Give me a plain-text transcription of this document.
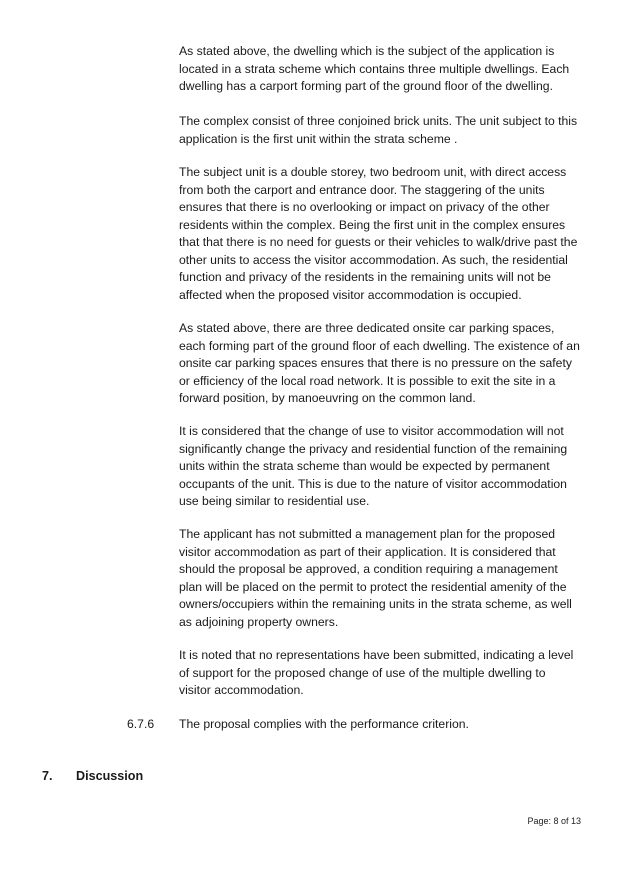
As stated above, the dwelling which is the subject of the application is
located in a strata scheme which contains three multiple dwellings. Each
dwelling has a carport forming part of the ground floor of the dwelling.

The complex consist of three conjoined brick units. The unit subject to this
application is the first unit within the strata scheme .

The subject unit is a double storey, two bedroom unit, with direct access
from both the carport and entrance door. The staggering of the units
ensures that there is no overlooking or impact on privacy of the other
residents within the complex. Being the first unit in the complex ensures
that that there is no need for guests or their vehicles to walk/drive past the
other units to access the visitor accommodation. As such, the residential
function and privacy of the residents in the remaining units will not be
affected when the proposed visitor accommodation is occupied.

As stated above, there are three dedicated onsite car parking spaces,
each forming part of the ground floor of each dwelling. The existence of an
onsite car parking spaces ensures that there is no pressure on the safety
or efficiency of the local road network. It is possible to exit the site in a
forward position, by manoeuvring on the common land.

It is considered that the change of use to visitor accommodation will not
significantly change the privacy and residential function of the remaining
units within the strata scheme than would be expected by permanent
occupants of the unit. This is due to the nature of visitor accommodation
use being similar to residential use.

The applicant has not submitted a management plan for the proposed
visitor accommodation as part of their application. It is considered that
should the proposal be approved, a condition requiring a management
plan will be placed on the permit to protect the residential amenity of the
owners/occupiers within the remaining units in the strata scheme, as well
as adjoining property owners.

It is noted that no representations have been submitted, indicating a level
of support for the proposed change of use of the multiple dwelling to
visitor accommodation.

6.7.6 The proposal complies with the performance criterion.
7. Discussion
Page: 8 of 13
